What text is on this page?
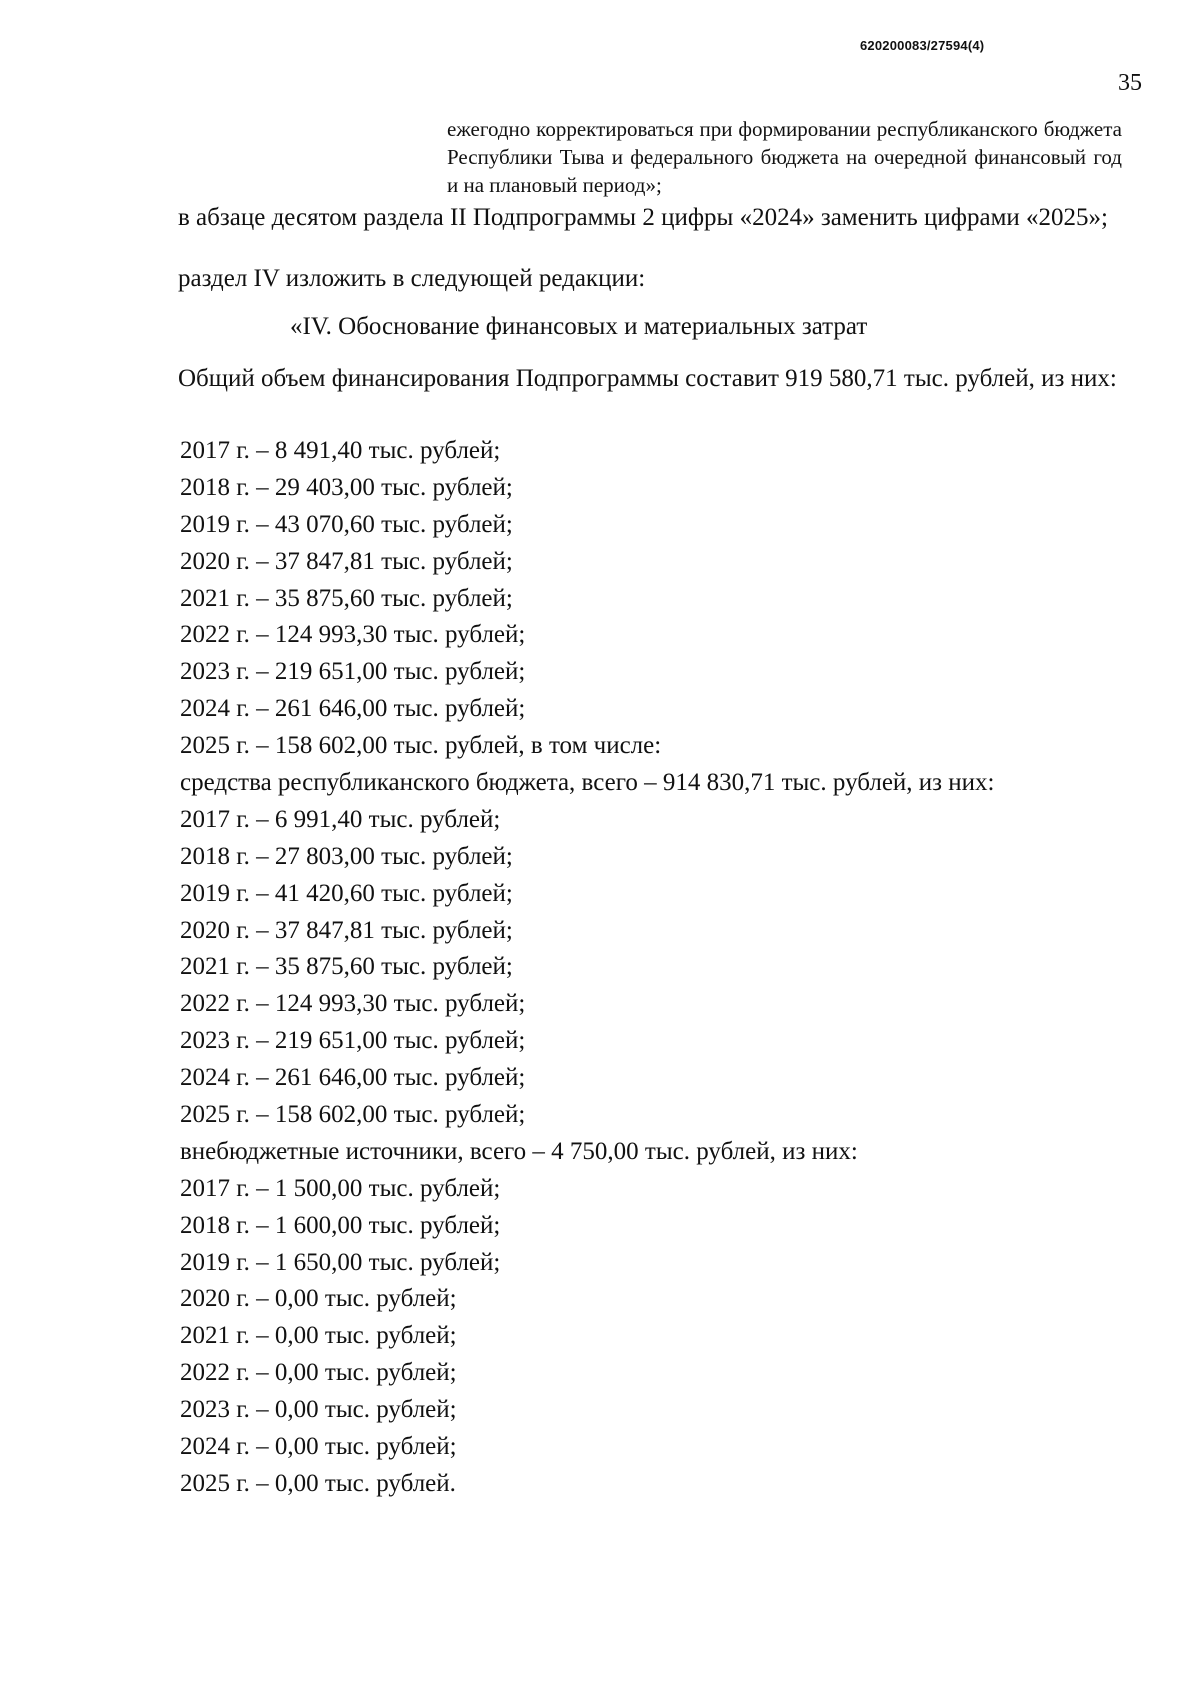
620200083/27594(4)
35
ежегодно корректироваться при формировании республиканского бюджета Республики Тыва и федерального бюджета на очередной финансовый год и на плановый период»;
в абзаце десятом раздела II Подпрограммы 2 цифры «2024» заменить цифрами «2025»;
раздел IV изложить в следующей редакции:
«IV. Обоснование финансовых и материальных затрат
Общий объем финансирования Подпрограммы составит 919 580,71 тыс. рублей, из них:
2017 г. – 8 491,40 тыс. рублей;
2018 г. – 29 403,00 тыс. рублей;
2019 г. – 43 070,60 тыс. рублей;
2020 г. – 37 847,81 тыс. рублей;
2021 г. – 35 875,60 тыс. рублей;
2022 г. – 124 993,30 тыс. рублей;
2023 г. – 219 651,00 тыс. рублей;
2024 г. – 261 646,00 тыс. рублей;
2025 г. – 158 602,00 тыс. рублей, в том числе:
средства республиканского бюджета, всего – 914 830,71 тыс. рублей, из них:
2017 г. – 6 991,40 тыс. рублей;
2018 г. – 27 803,00 тыс. рублей;
2019 г. – 41 420,60 тыс. рублей;
2020 г. – 37 847,81 тыс. рублей;
2021 г. – 35 875,60 тыс. рублей;
2022 г. – 124 993,30 тыс. рублей;
2023 г. – 219 651,00 тыс. рублей;
2024 г. – 261 646,00 тыс. рублей;
2025 г. – 158 602,00 тыс. рублей;
внебюджетные источники, всего – 4 750,00 тыс. рублей, из них:
2017 г. – 1 500,00 тыс. рублей;
2018 г. – 1 600,00 тыс. рублей;
2019 г. – 1 650,00 тыс. рублей;
2020 г. – 0,00 тыс. рублей;
2021 г. – 0,00 тыс. рублей;
2022 г. – 0,00 тыс. рублей;
2023 г. – 0,00 тыс. рублей;
2024 г. – 0,00 тыс. рублей;
2025 г. – 0,00 тыс. рублей.
